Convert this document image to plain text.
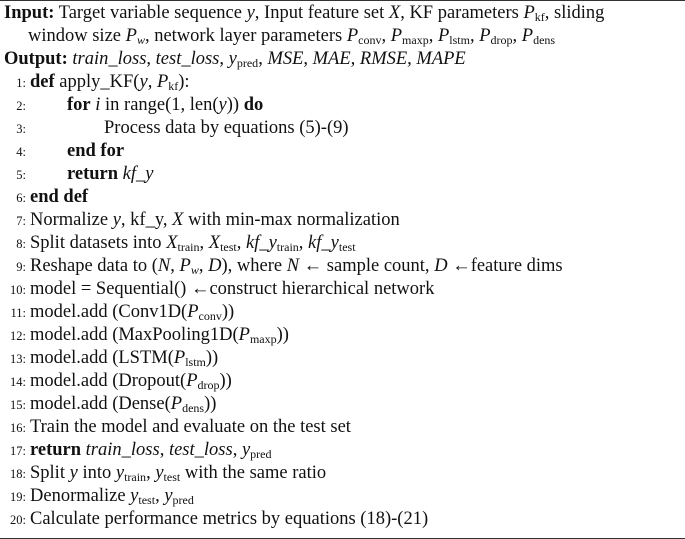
Input: Target variable sequence y, Input feature set X, KF parameters $P_{kf}$, sliding
window size $P_w$, network layer parameters $P_{conv}$, $P_{maxp}$, $P_{lstm}$, $P_{drop}$, $P_{dens}$
Output: train_loss, test_loss, $y_{pred}$, MSE, MAE, RMSE, MAPE
1: def apply_KF(y, $P_{kf}$):
2: for i in range(1, len(y)) do
3:	Process data by equations (5)-(9)
4: end for
5: return kf_y
6: end def
7: Normalize y, kf_y, X with min-max normalization
8: Split datasets into $X_{train}$, $X_{test}$, $kf\_y_{train}$, $kf\_y_{test}$
9: Reshape data to (N, $P_w$, D), where N ← sample count, D ←feature dims
10: model = Sequential() ←construct hierarchical network
11: model.add $(Conv1D(P_{conv}))$
12: model.add $(MaxPooling1D(P_{maxp}))$
13: model.add $(LSTM(P_{lstm}))$
14: model.add $(Dropout(P_{drop}))$
15: model.add $(Dense(P_{dens}))$
16: Train the model and evaluate on the test set
17: return train_loss, test_loss, $y_{pred}$
18: Split y into $y_{train}$, $y_{test}$ with the same ratio
19: Denormalize $y_{test}$, $y_{pred}$
20: Calculate performance metrics by equations (18)-(21)
